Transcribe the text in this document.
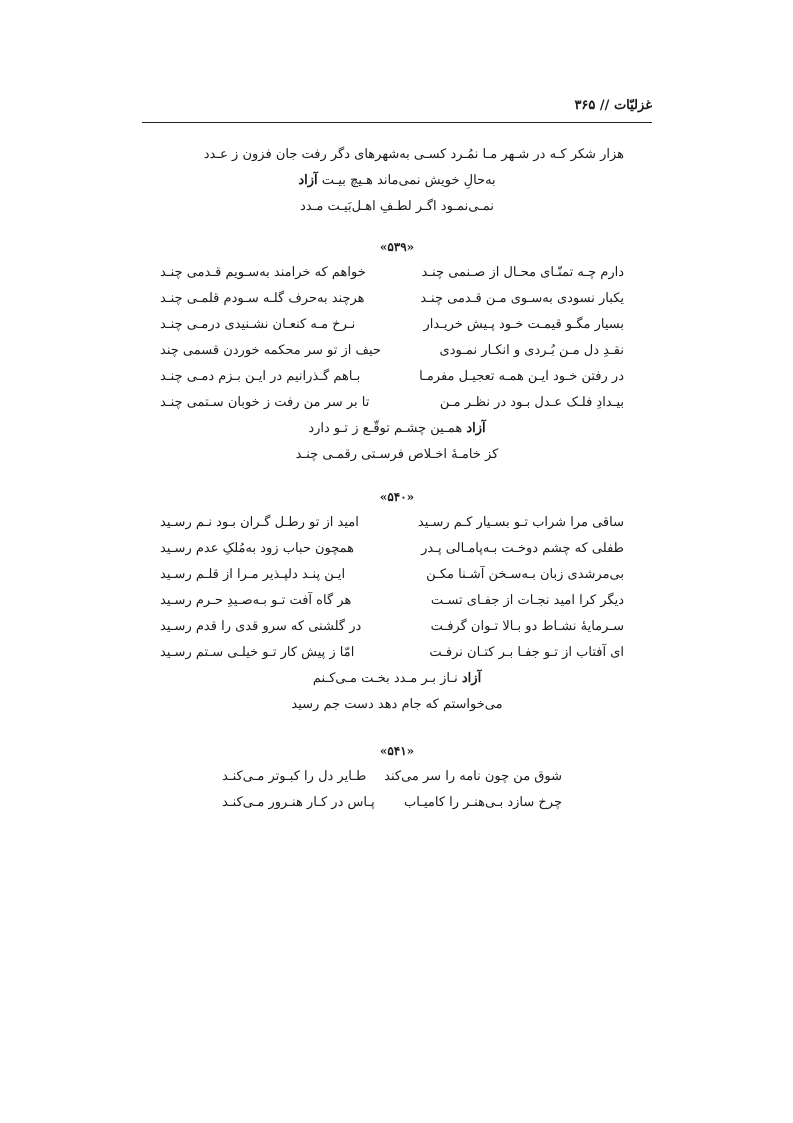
غزلیّات // ۳۶۵
هزار شکر کـه در شـهر مـا نمُـرد کسـی به‌شهرهای دگر رفت جان فزون ز عـدد
به‌حالِ خویش نمی‌ماند هـیچ بیـت آزاد
نمـی‌نمـود اگـر لطـفِ اهـل‌بَیـت مـدد
«۵۳۹»
دارم چـه تمنّـای محـال از صـنمی چنـد
خواهم که خرامند به‌سـویم قـدمی چنـد
یکبار نسودی به‌سـوی مـن قـدمی چنـد
هرچند به‌حرف گلـه سـودم قلمـی چنـد
بسیار مگـو قیمـت خـود پـیش خریـدار
نـرخ مـه کنعـان نشـنیدی درمـی چنـد
نقـدِ دل مـن بُـردی و انکـار نمـودی
حیف از تو سر محکمه خوردن قسمی چند
در رفتن خـود ایـن همـه تعجیـل مفرمـا
بـاهم گـذرانیم در ایـن بـزم دمـی چنـد
بیـدادِ فلـک عـدل بـود در نظـر مـن
تا بر سر من رفت ز خوبان سـتمی چنـد
آزاد همـین چشـم توقّـع ز تـو دارد
کز خامـۀ اخـلاص فرسـتی رقمـی چنـد
«۵۴۰»
ساقی مرا شراب تـو بسـیار کـم رسـید
امید از تو رطـل گـران بـود نـم رسـید
طفلی که چشم دوخـت بـه‌پامـالی پـدر
همچون حباب زود به‌مُلکِ عدم رسـید
بی‌مرشدی زبان بـه‌سـخن آشـنا مکـن
ایـن پنـد دلپـذیر مـرا از قلـم رسـید
دیگر کرا امید نجـات از جفـای تسـت
هر گاه آفت تـو بـه‌صـیدِ حـرم رسـید
سـرمایۀ نشـاط دو بـالا تـوان گرفـت
در گلشنی که سرو قدی را قدم رسـید
ای آفتاب از تـو جفـا بـر کتـان نرفـت
امّا ز پیش کار تـو خیلـی سـتم رسـید
آزاد نـاز بـر مـدد بخـت مـی‌کـنم
می‌خواستم که جام دهد دست جم رسید
«۵۴۱»
شوق من چون نامه را سر می‌کند
طـایر دل را کبـوتر مـی‌کنـد
چرخ سازد بـی‌هنـر را کامیـاب
پـاس در کـار هنـرور مـی‌کنـد
